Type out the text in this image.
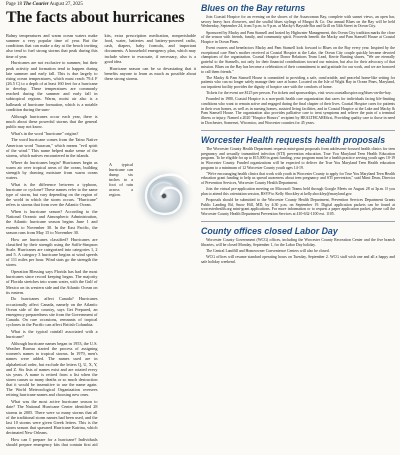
Page 18 The Courier August 27, 2025
The facts about hurricanes

Balmy temperatures and warm ocean waters make summer a very popular time of year. But the conditions that can make a day at the beach inviting also tend to fuel strong storms that peak during this time of year.

Hurricanes are not exclusive to summer, but their peak activity and formation tend to happen during late summer and early fall. This is due largely to rising ocean temperatures, which must reach 79.4 F (26.5 C) to a depth of at least 160 feet for a hurricane to develop. These temperatures are commonly reached during the summer and early fall in subtropical regions. Warm, moist air also is a hallmark of hurricane formation, which is a notable condition during the sum-

Although hurricanes occur each year, there is much about these powerful storms that the general public may not know.

What's in the word "hurricane" origins?

The word hurricane comes from the Taino Native American word "huracan," which means "evil spirit of the wind." This name helped make sense of the storms, which natives encountered in the islands.

Where do hurricanes begin? Hurricanes begin as warm air over tropical areas of the ocean, building strength by drawing moisture from warm ocean waters.

What is the difference between a typhoon, hurricane or cyclone? These names refer to the same type of storm, but vary depending on the region of the world in which the storm occurs. "Hurricane" refers to storms that form over the Atlantic Ocean.

When is hurricane season? According to the National Oceanic and Atmospheric Administration, the Atlantic hurricane season begins June 1 and extends to November 30. In the East Pacific, the season runs from May 15 to November 30.

How are hurricanes classified? Hurricanes are classified by their strength using the Saffir-Simpson Scale. Hurricanes are categorized into categories 1, 2 and 5. A category 3 hurricane begins at wind speeds of 111 miles per hour. Wind stats go the strength the storm.

Operation Blessing says Florida has had the most hurricanes since record keeping began. The majority of Florida stretches into warm water, with the Gulf of Mexico on its western side and the Atlantic Ocean on its eastern.

Do hurricanes affect Canada? Hurricanes occasionally affect Canada, namely on the Atlantic Ocean side of the country, says Get Prepared, an emergency preparedness site from the Government of Canada. On rare occasions, remnants of tropical cyclones in the Pacific can affect British Columbia.

What is the typical rainfall associated with a hurricane?

Although hurricane names began in 1953, the U.S. Weather Bureau started the process of assigning women's names to tropical storms. In 1979, men's names were added. The names used are in alphabetical order, but exclude the letters Q, U, X, Y, and Z. Six lists of names exist and are rotated every six years. A name is retired from a list when the storm causes so many deaths or so much destruction that it would be insensitive to use the name again. The World Meteorological Organization oversees retiring hurricane names and choosing new ones.

What was the most active hurricane season to date? The National Hurricane Center identified 28 storms in 2005. There were so many storms that all of the traditional storm names had been used, and the last 10 storms were given Greek letters. This is the storm season that spawned Hurricane Katrina, which decimated New Orleans.

How can I prepare for a hurricane? Individuals should prepare emergency kits that contain first aid kits, extra prescription medication, nonperishable food, water, batteries and battery-powered radio, cash, diapers, baby formula, and important documents. A household emergency plan, which may include where to evacuate, if necessary, also is a good idea.

Hurricane season can be so devastating that it benefits anyone to learn as much as possible about these strong storms.

A typical hurricane can dump six inches to a foot of rain across a region.

Blues on the Bay returns

Join Coastal Hospice for an evening on the shores of the Assawoman Bay, complete with sunset views, an open bar, savory heavy hors d'oeuvres, and the soulful blues stylings of Margot & Co. Our annual Blues on the Bay will be held Wednesday, September 24, from 5 p.m. to 9 p.m. at Macky's Bayside Bar and Grill on 54th Street in Ocean City.

Sponsored by Macky and Pam Stansell and hosted by Highwater Management, this Ocean City tradition marks the close of the season with friends, family, and community spirit. Proceeds benefit the Macky and Pam Stansell House at Coastal Hospice in Ocean Pines.

Event owners and benefactors Macky and Pam Stansell look forward to Blues on the Bay every year. Inspired by the exceptional care Pam's mother received at Coastal Hospice at the Lake, the Ocean City couple quickly became devoted champions of the organization. Coastal Hospice Donor Relations Team Lead, Kerrie Bunting shares, "We are eternally grateful to the Stansells, not only for their financial contributions toward our mission, but also for their advocacy of that mission. Blues on the Bay has become a celebration of their commitment to and gratitude for our work, and we are honored to call them friends."

The Macky & Pam Stansell House is committed to providing a safe, comfortable, and peaceful home-like setting for patients who can no longer safely manage their care at home. Located on the Isle of Wight Bay in Ocean Pines, Maryland, our inpatient facility provides the dignity of hospice care with the comforts of home.

Tickets for the event are $125 per person. For tickets and sponsorships, visit www.coastalhospice.org/blues-on-the-bay.

Founded in 1980, Coastal Hospice is a non-profit health care organization that cares for individuals facing life-limiting conditions who want to remain active and engaged during the final chapter of their lives. Coastal Hospice cares for patients in their own homes, as well as in nursing homes, assisted living facilities, and in Coastal Hospice at the Lake and Macky & Pam Stansell House. The organization also provides palliative care to treat symptoms and relieve the pain of a terminal illness or injury. Named a 2020 "Hospice Honors" recipient by HEALTHCAREfirst, Providing quality care to those in need in Dorchester, Somerset, Wicomico, and Worcester counties for 45 years.

Worcester Health requests health proposals

The Worcester County Health Department requests mini-grant proposals from adolescent-focused health clinics for teen pregnancy and sexually transmitted infection (STI) prevention education. True You Maryland Teen Health Education program. To be eligible for up to $15,000 in grant funding, your program must be a health practice serving youth ages 10-19 in Worcester County. Funded organizations will be expected to deliver the True You Maryland Teen Health education program to a minimum of 12 Worcester County youth ages 14-19.

"We're encouraging health clinics that work with youth in Worcester County to apply for True You Maryland Teen Health education grant funding to help us spread awareness about teen pregnancy and STI prevention," said Mimi Dean, Director of Prevention Services, Worcester County Health Department.

Join the virtual pre-application meeting on Microsoft Teams held through Google Meets on August 28 at 3p.m. If you plan to attend this orientation session, RSVP to Kelly Shockley at kelly.shockley@maryland.gov.

Proposals should be submitted to the Worcester County Health Department, Prevention Services Department Grants Public Landing Rd, Snow Hill, MD, by 4:30 p.m. on September 19. Digital application packets can be found at worcesterhealth.org mini-grant applications. For more information or to request a paper application packet, please call the Worcester County Health Department Prevention Services at 410-632-1100 ext. 1105.

County offices closed Labor Day

Worcester County Government (WCG) offices, including the Worcester County Recreation Center and the five branch libraries, will be closed Monday, September 1, for the Labor Day holiday.

The Central Landfill and Homeowner Convenience Centers will also be closed.

WCG offices will resume standard operating hours on Tuesday, September 2. WCG staff wish one and all a happy and safe holiday weekend.
